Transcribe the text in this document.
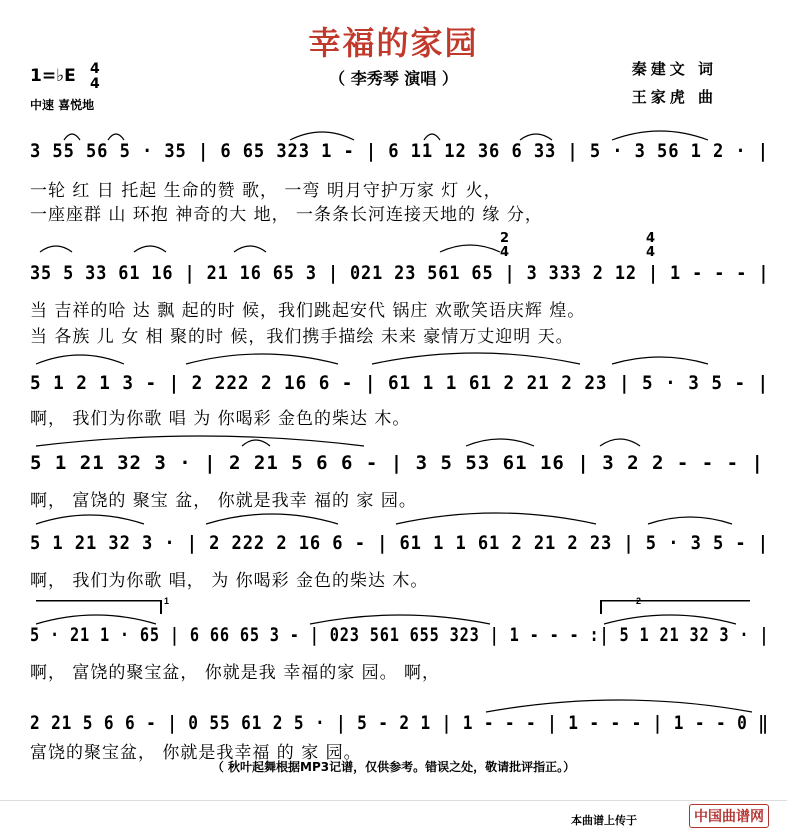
幸福的家园
（ 李秀琴 演唱 ）	秦建文 词
王家虎 曲
1=♭E 4
4
中速 喜悦地
1	2
3 55 56 5 · 35 | 6 65 323 1 - | 6 11 12 36 6 33 | 5 · 3 56 1 2 · |
一轮 红 日 托起 生命的赞 歌， 一弯 明月守护万家 灯 火，
一座座群 山 环抱 神奇的大 地， 一条条长河连接天地的 缘 分，
2
4
4
4
35 5 33 61 16 | 21 16 65 3 | 021 23 561 65 | 3 333 2 12 | 1 - - - |
当 吉祥的哈 达 飘 起的时 候，我们跳起安代 锅庄 欢歌笑语庆辉 煌。
当 各族 儿 女 相 聚的时 候，我们携手描绘 未来 豪情万丈迎明 天。
5 1 2 1 3 - | 2 222 2 16 6 - | 61 1 1 61 2 21 2 23 | 5 · 3 5 - |
啊， 我们为你歌 唱 为 你喝彩 金色的柴达 木。
5 1 21 32 3 · | 2 21 5 6 6 - | 3 5 53 61 16 | 3 2 2 - - - |
啊， 富饶的 聚宝 盆， 你就是我幸 福的 家 园。
5 1 21 32 3 · | 2 222 2 16 6 - | 61 1 1 61 2 21 2 23 | 5 · 3 5 - |
啊， 我们为你歌 唱， 为 你喝彩 金色的柴达 木。
5 · 21 1 · 65 | 6 66 65 3 - | 023 561 655 323 | 1 - - - :| 5 1 21 32 3 · |
啊， 富饶的聚宝盆， 你就是我 幸福的家 园。 啊，
2 21 5 6 6 - | 0 55 61 2 5 · | 5 - 2 1 | 1 - - - | 1 - - - | 1 - - 0 ‖
富饶的聚宝盆， 你就是我幸福 的 家 园。
（ 秋叶起舞根据MP3记谱，仅供参考。错误之处，敬请批评指正。）
本曲谱上传于	中国曲谱网
